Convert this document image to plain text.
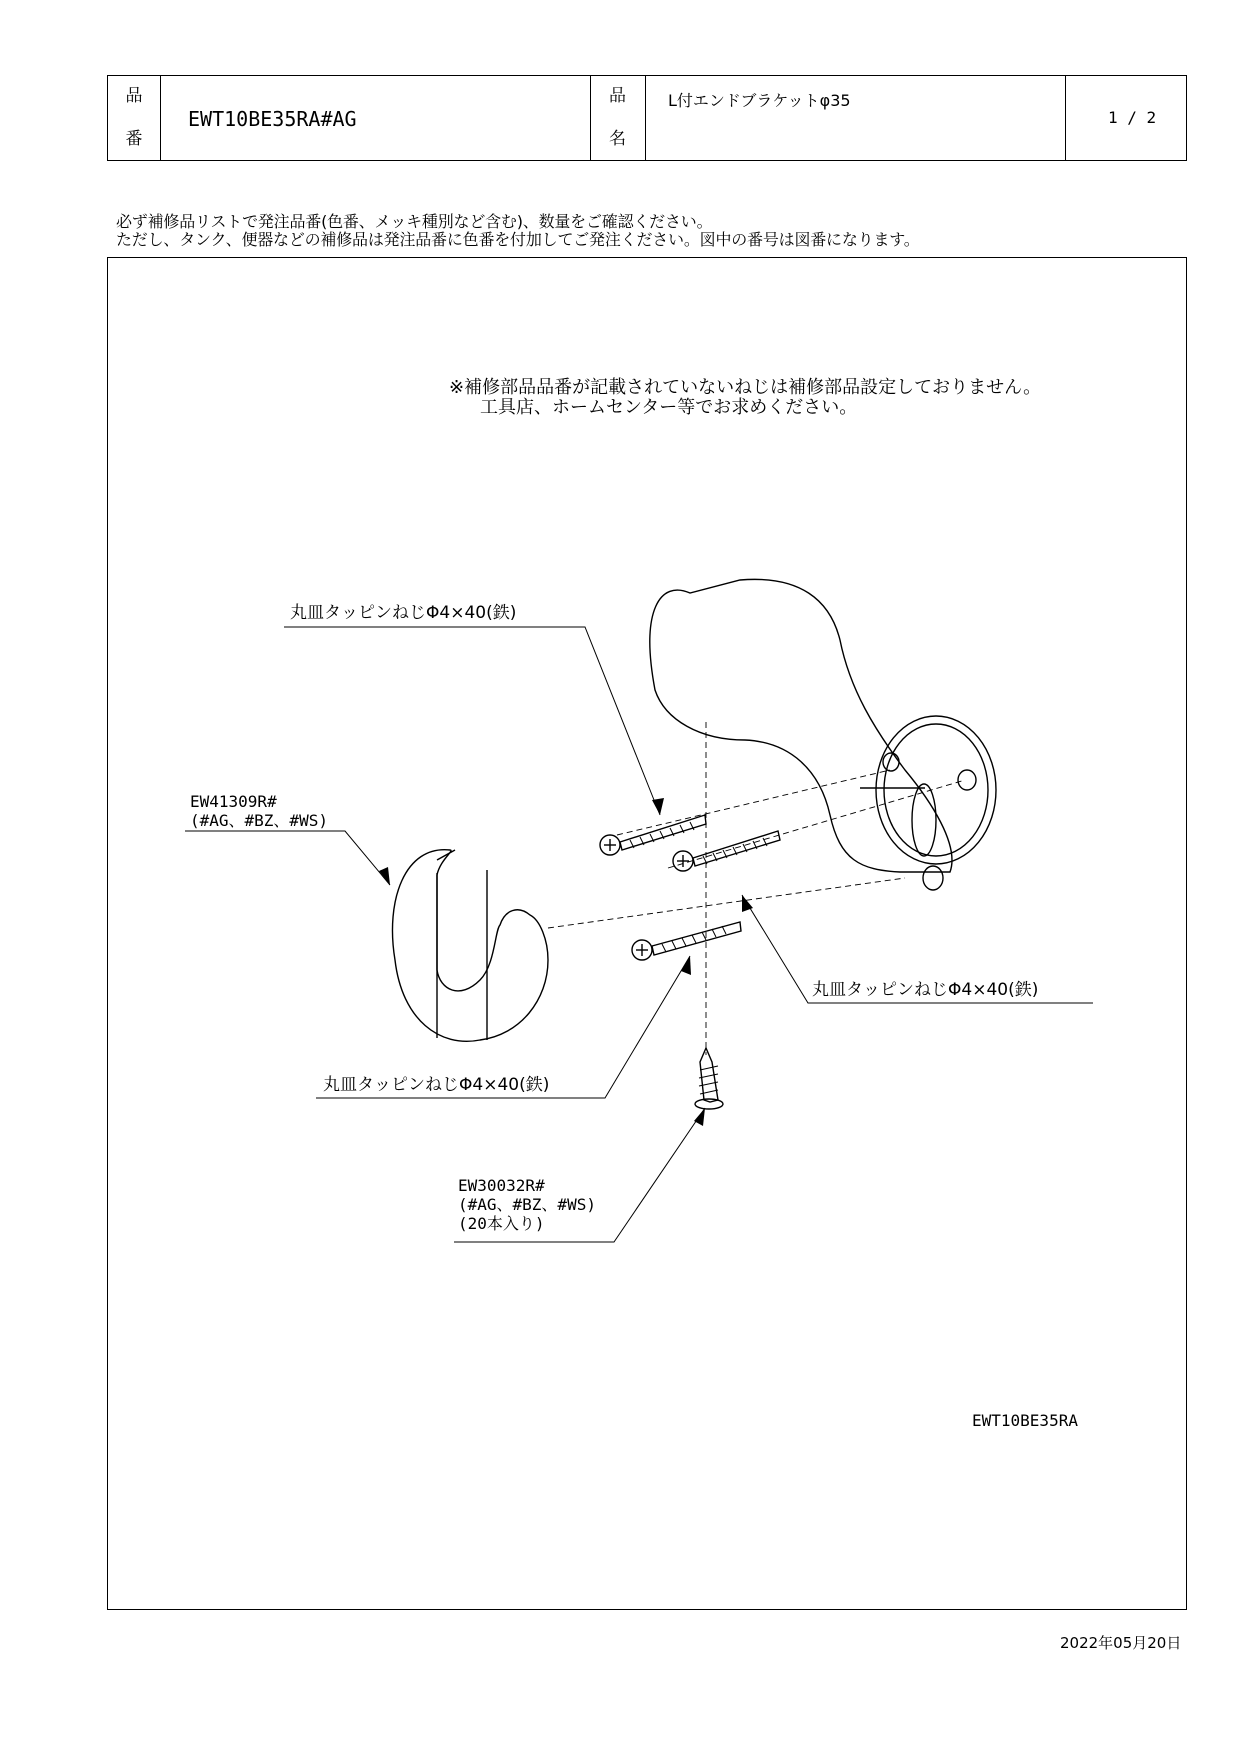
品
番
EWT10BE35RA#AG
品
名
L付エンドブラケットφ35
1 / 2
必ず補修品リストで発注品番(色番、メッキ種別など含む)、数量をご確認ください。
ただし、タンク、便器などの補修品は発注品番に色番を付加してご発注ください。図中の番号は図番になります。
※補修部品品番が記載されていないねじは補修部品設定しておりません。
工具店、ホームセンター等でお求めください。
丸皿タッピンねじΦ4×40(鉄)
丸皿タッピンねじΦ4×40(鉄)
丸皿タッピンねじΦ4×40(鉄)
EW41309R#
(#AG、#BZ、#WS)
EW30032R#
(#AG、#BZ、#WS)
(20本入り)
EWT10BE35RA
2022年05月20日
